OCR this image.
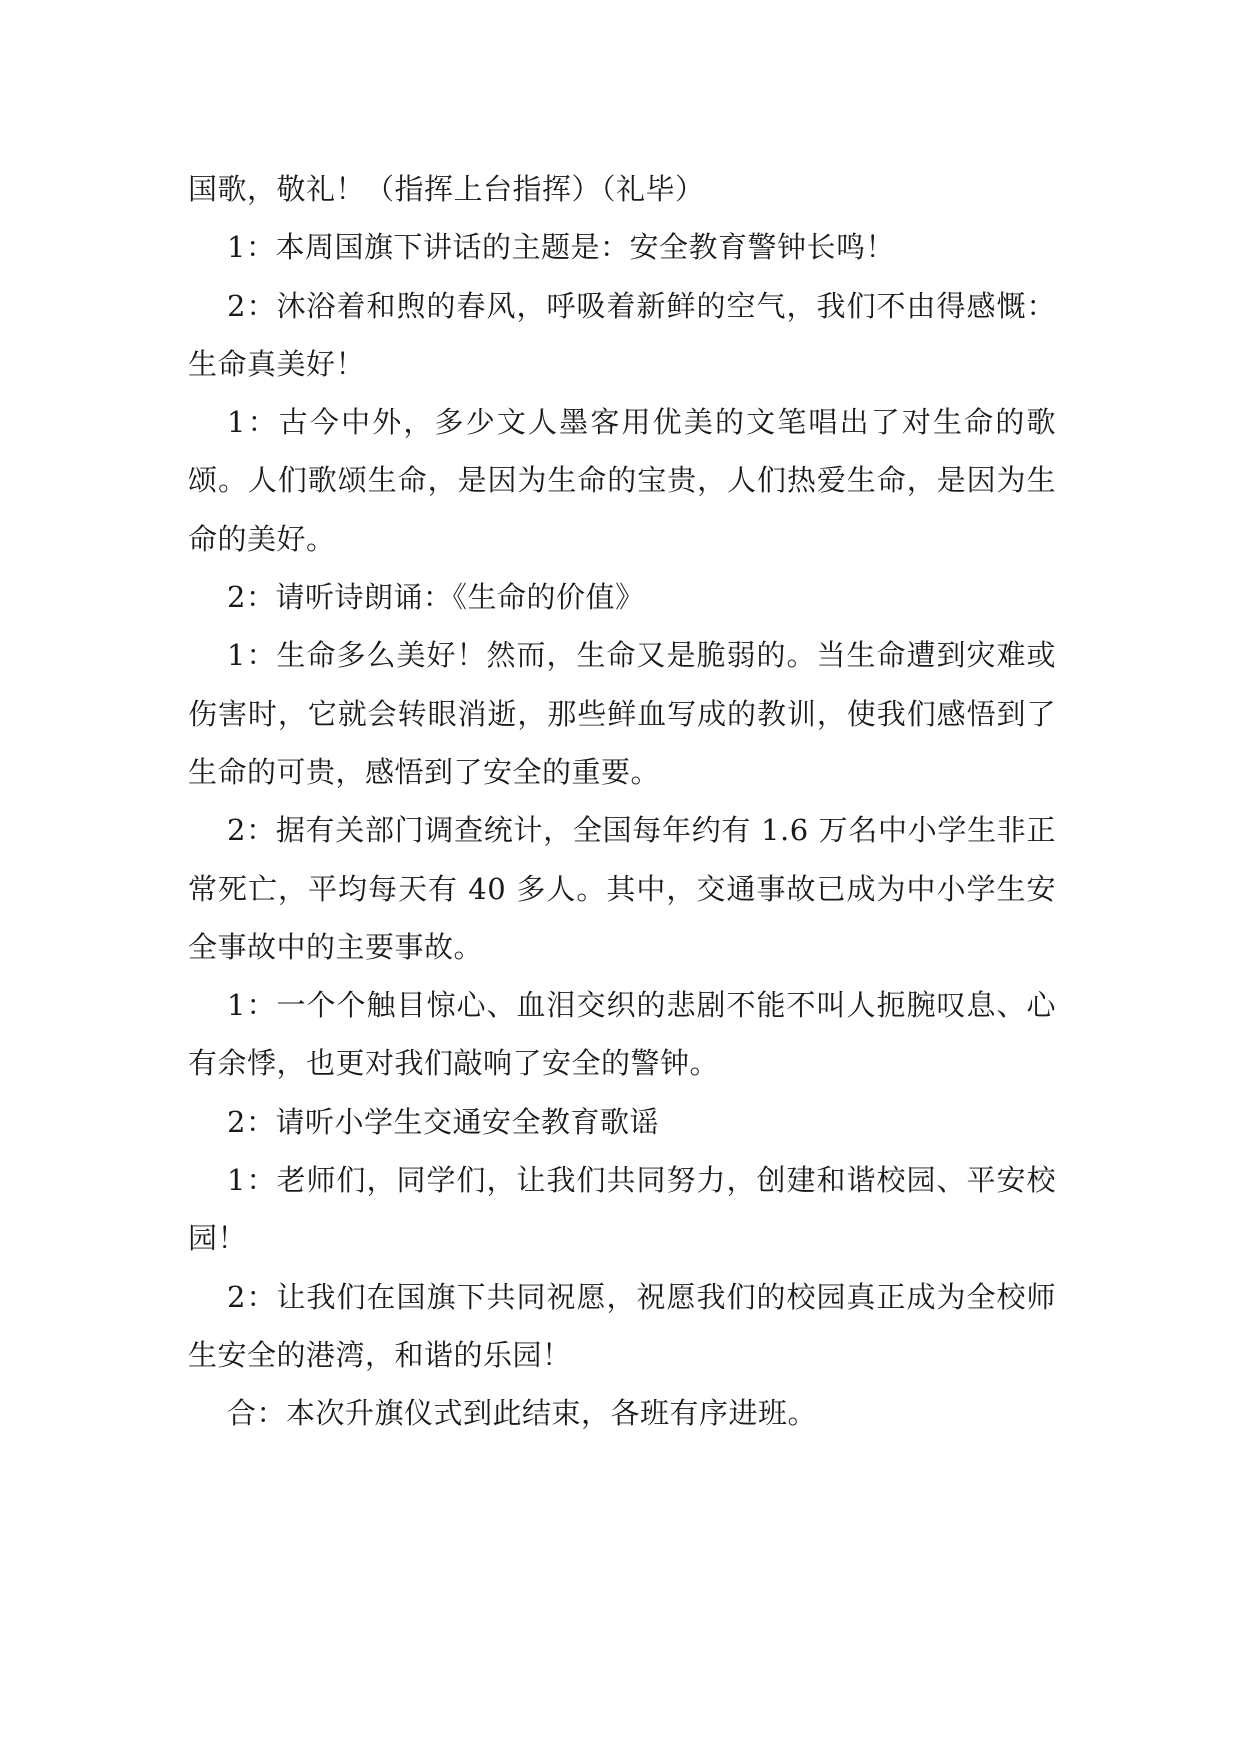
国歌，敬礼！（指挥上台指挥）（礼毕）

1：本周国旗下讲话的主题是：安全教育警钟长鸣！

2：沐浴着和煦的春风，呼吸着新鲜的空气，我们不由得感慨：生命真美好！

1：古今中外，多少文人墨客用优美的文笔唱出了对生命的歌颂。人们歌颂生命，是因为生命的宝贵，人们热爱生命，是因为生命的美好。

2：请听诗朗诵：《生命的价值》

1：生命多么美好！然而，生命又是脆弱的。当生命遭到灾难或伤害时，它就会转眼消逝，那些鲜血写成的教训，使我们感悟到了生命的可贵，感悟到了安全的重要。

2：据有关部门调查统计，全国每年约有 1.6 万名中小学生非正常死亡，平均每天有 40 多人。其中，交通事故已成为中小学生安全事故中的主要事故。

1：一个个触目惊心、血泪交织的悲剧不能不叫人扼腕叹息、心有余悸，也更对我们敲响了安全的警钟。

2：请听小学生交通安全教育歌谣

1：老师们，同学们，让我们共同努力，创建和谐校园、平安校园！

2：让我们在国旗下共同祝愿，祝愿我们的校园真正成为全校师生安全的港湾，和谐的乐园！

合：本次升旗仪式到此结束，各班有序进班。
